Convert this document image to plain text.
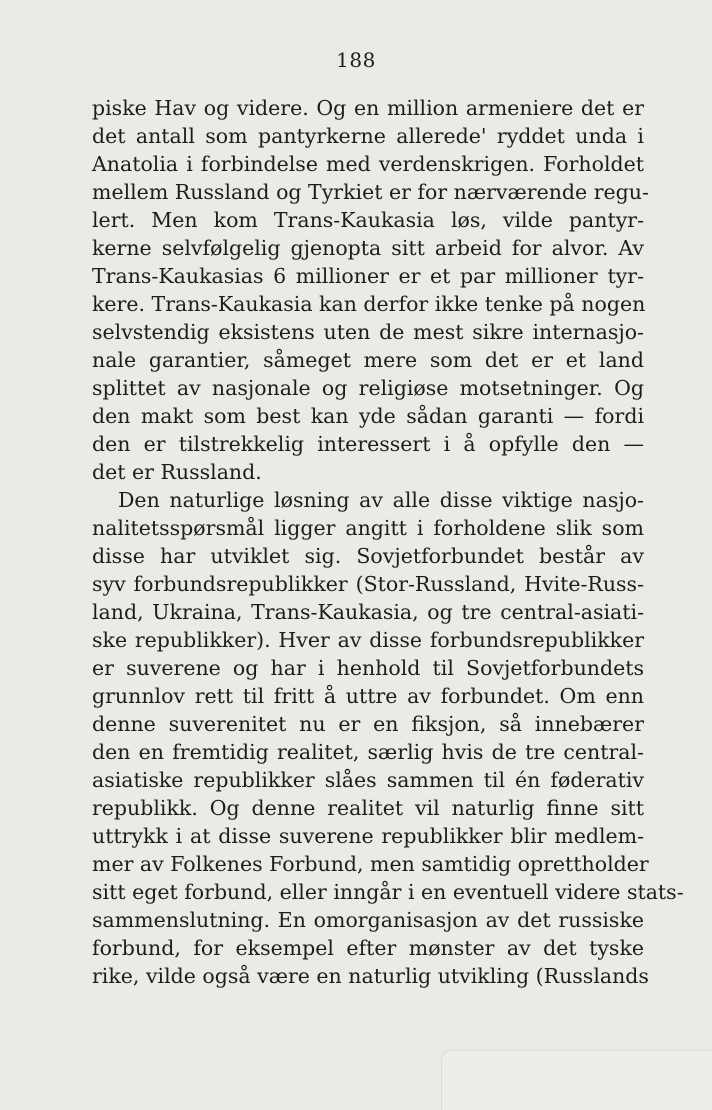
188
piske Hav og videre. Og en million armeniere det er
det antall som pantyrkerne allerede' ryddet unda i
Anatolia i forbindelse med verdenskrigen. Forholdet
mellem Russland og Tyrkiet er for nærværende regu-
lert. Men kom Trans-Kaukasia løs, vilde pantyr-
kerne selvfølgelig gjenopta sitt arbeid for alvor. Av
Trans-Kaukasias 6 millioner er et par millioner tyr-
kere. Trans-Kaukasia kan derfor ikke tenke på nogen
selvstendig eksistens uten de mest sikre internasjo-
nale garantier, såmeget mere som det er et land
splittet av nasjonale og religiøse motsetninger. Og
den makt som best kan yde sådan garanti — fordi
den er tilstrekkelig interessert i å opfylle den —
det er Russland.
Den naturlige løsning av alle disse viktige nasjo-
nalitetsspørsmål ligger angitt i forholdene slik som
disse har utviklet sig. Sovjetforbundet består av
syv forbundsrepublikker (Stor-Russland, Hvite-Russ-
land, Ukraina, Trans-Kaukasia, og tre central-asiati-
ske republikker). Hver av disse forbundsrepublikker
er suverene og har i henhold til Sovjetforbundets
grunnlov rett til fritt å uttre av forbundet. Om enn
denne suverenitet nu er en fiksjon, så innebærer
den en fremtidig realitet, særlig hvis de tre central-
asiatiske republikker slåes sammen til én føderativ
republikk. Og denne realitet vil naturlig finne sitt
uttrykk i at disse suverene republikker blir medlem-
mer av Folkenes Forbund, men samtidig oprettholder
sitt eget forbund, eller inngår i en eventuell videre stats-
sammenslutning. En omorganisasjon av det russiske
forbund, for eksempel efter mønster av det tyske
rike, vilde også være en naturlig utvikling (Russlands
